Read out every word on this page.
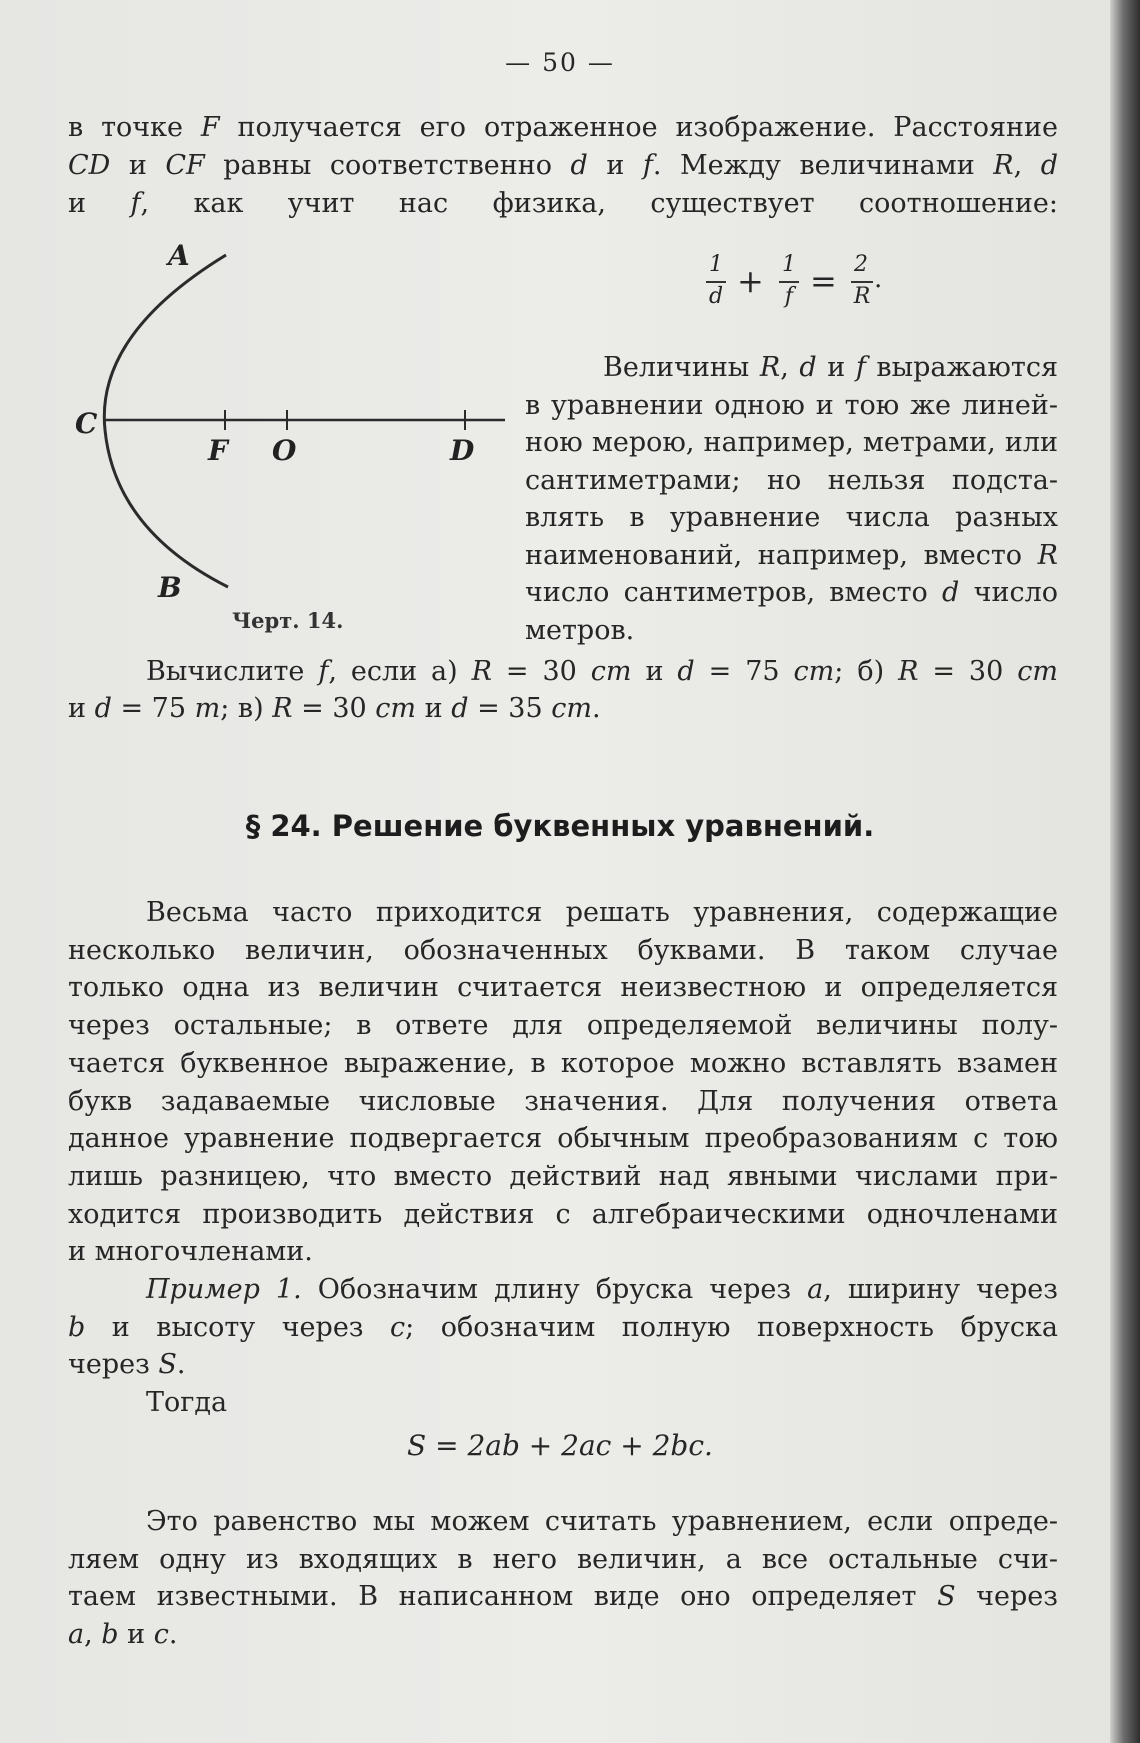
— 50 —
в точке F получается его отраженное изображение. Расстояние
CD и CF равны соответственно d и f. Между величинами R, d
и f, как учит нас физика, существует соотношение:
1
d + 1
f = 2
R
.
A
B
C
F O	D
Черт. 14.
Величины R, d и f выражаются
в уравнении одною и тою же линей-
ною мерою, например, метрами, или
сантиметрами; но нельзя подста-
влять в уравнение числа разных
наименований, например, вместо R
число сантиметров, вместо d число
метров.
Вычислите f, если а) R = 30 cm и d = 75 cm; б) R = 30 cm
и d = 75 m; в) R = 30 cm и d = 35 cm.
§ 24. Решение буквенных уравнений.
Весьма часто приходится решать уравнения, содержащие
несколько величин, обозначенных буквами. В таком случае
только одна из величин считается неизвестною и определяется
через остальные; в ответе для определяемой величины полу-
чается буквенное выражение, в которое можно вставлять взамен
букв задаваемые числовые значения. Для получения ответа
данное уравнение подвергается обычным преобразованиям с тою
лишь разницею, что вместо действий над явными числами при-
ходится производить действия с алгебраическими одночленами
и многочленами.
Пример 1. Обозначим длину бруска через a, ширину через
b и высоту через c; обозначим полную поверхность бруска
через S.
Тогда
S = 2ab + 2ac + 2bc.
Это равенство мы можем считать уравнением, если опреде-
ляем одну из входящих в него величин, а все остальные счи-
таем известными. В написанном виде оно определяет S через
a, b и c.
